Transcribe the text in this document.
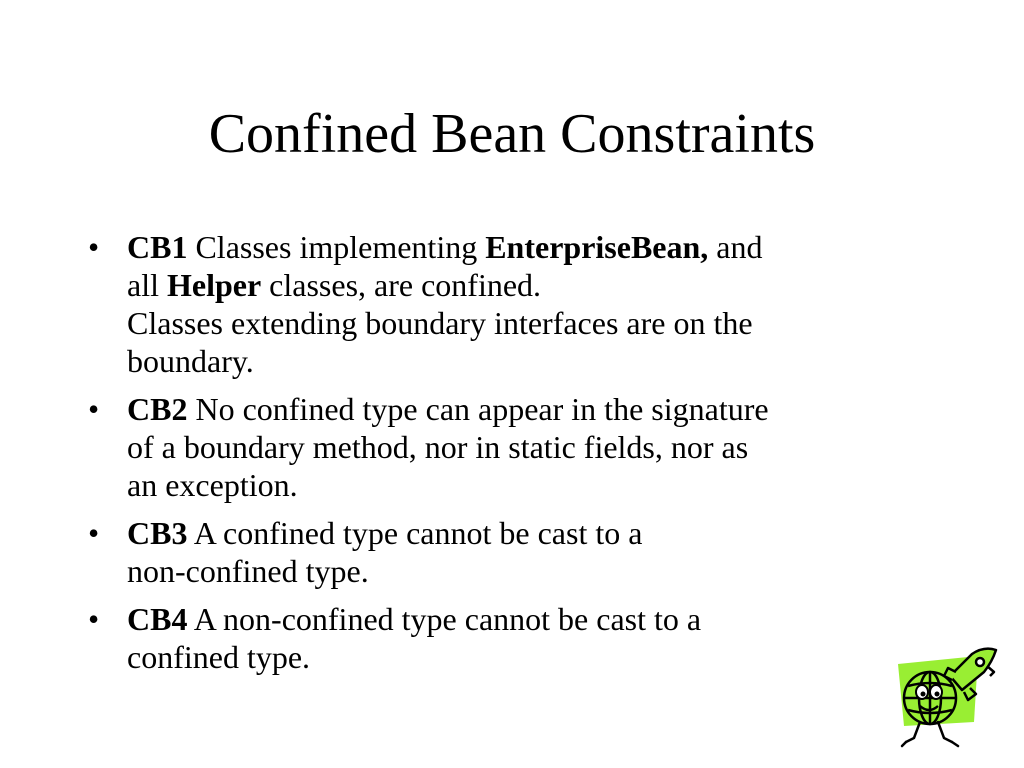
Confined Bean Constraints
• CB1 Classes implementing EnterpriseBean, and
all Helper classes, are confined.
Classes extending boundary interfaces are on the
boundary.
• CB2 No confined type can appear in the signature
of a boundary method, nor in static fields, nor as
an exception.
• CB3 A confined type cannot be cast to a
non-confined type.
• CB4 A non-confined type cannot be cast to a
confined type.
